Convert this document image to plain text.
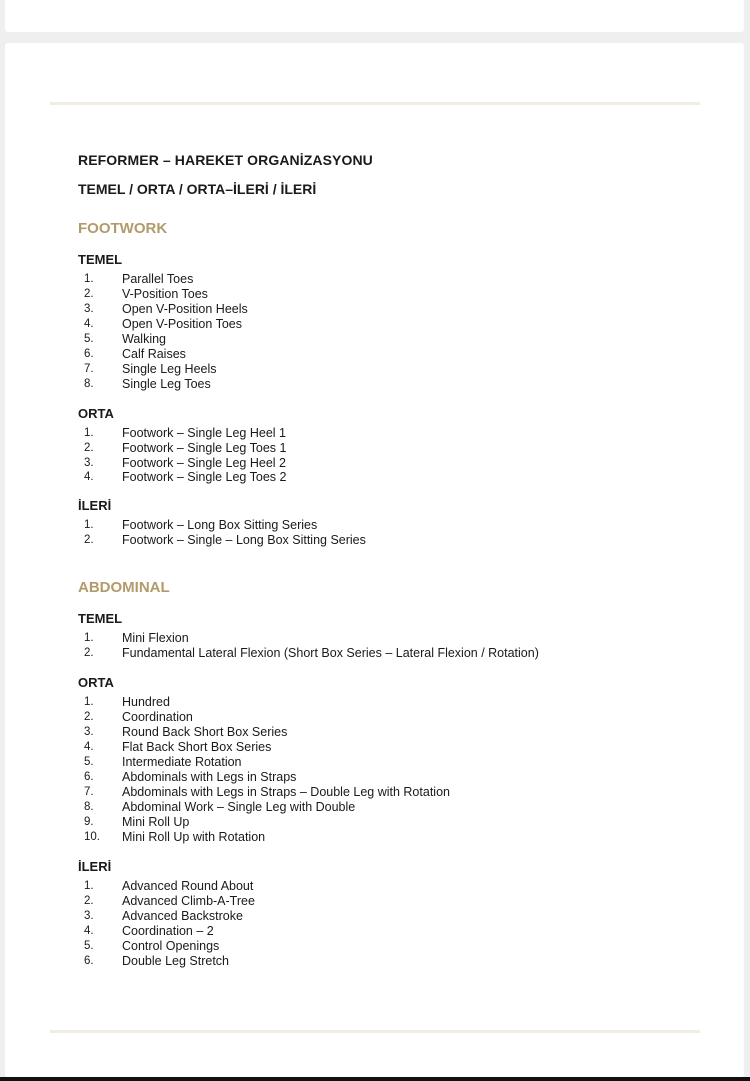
REFORMER – HAREKET ORGANİZASYONU
TEMEL / ORTA / ORTA–İLERİ / İLERİ
FOOTWORK
TEMEL
1. Parallel Toes
2. V-Position Toes
3. Open V-Position Heels
4. Open V-Position Toes
5. Walking
6. Calf Raises
7. Single Leg Heels
8. Single Leg Toes
ORTA
1. Footwork – Single Leg Heel 1
2. Footwork – Single Leg Toes 1
3. Footwork – Single Leg Heel 2
4. Footwork – Single Leg Toes 2
İLERİ
1. Footwork – Long Box Sitting Series
2. Footwork – Single – Long Box Sitting Series
ABDOMINAL
TEMEL
1. Mini Flexion
2. Fundamental Lateral Flexion (Short Box Series – Lateral Flexion / Rotation)
ORTA
1. Hundred
2. Coordination
3. Round Back Short Box Series
4. Flat Back Short Box Series
5. Intermediate Rotation
6. Abdominals with Legs in Straps
7. Abdominals with Legs in Straps – Double Leg with Rotation
8. Abdominal Work – Single Leg with Double
9. Mini Roll Up
10. Mini Roll Up with Rotation
İLERİ
1. Advanced Round About
2. Advanced Climb-A-Tree
3. Advanced Backstroke
4. Coordination – 2
5. Control Openings
6. Double Leg Stretch
